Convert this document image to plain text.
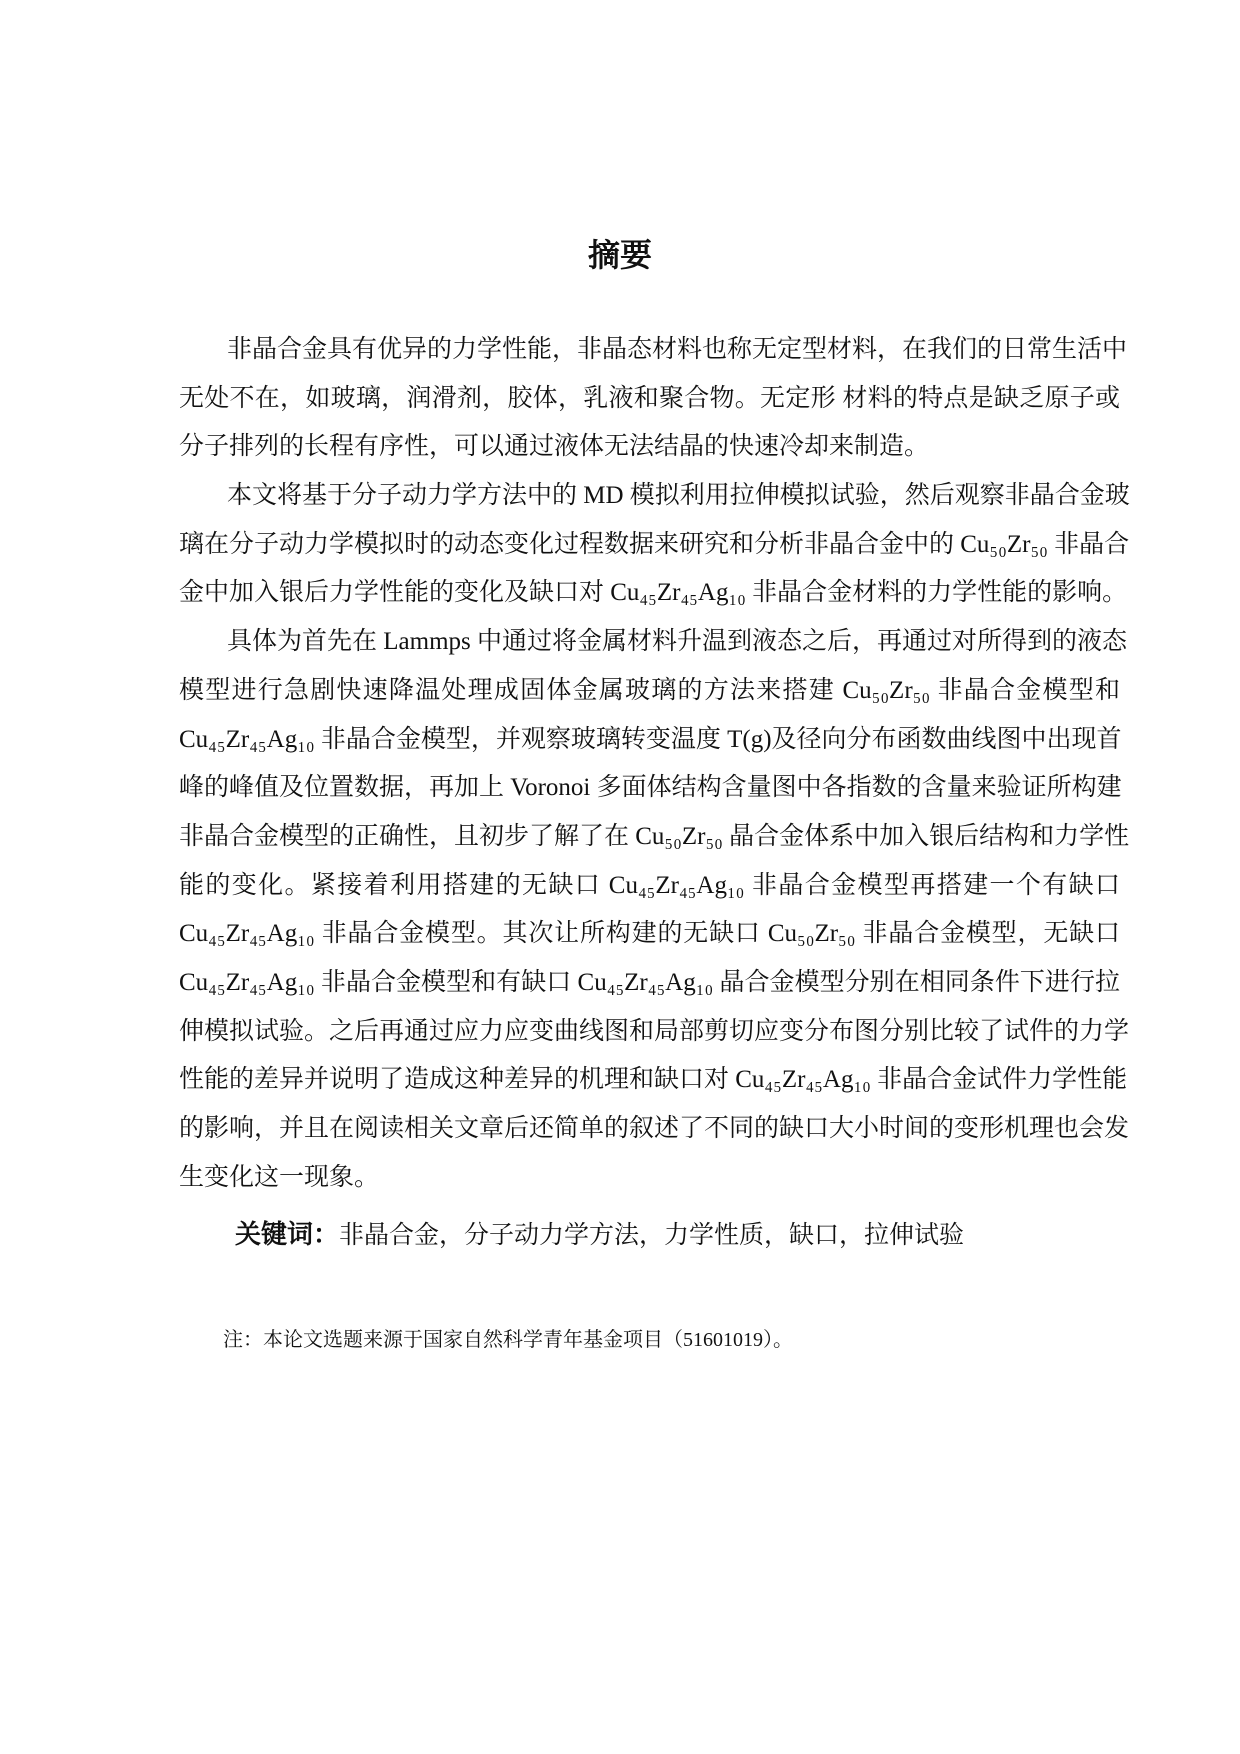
摘要
非晶合金具有优异的力学性能，非晶态材料也称无定型材料，在我们的日常生活中
无处不在，如玻璃，润滑剂，胶体，乳液和聚合物。无定形 材料的特点是缺乏原子或
分子排列的长程有序性，可以通过液体无法结晶的快速冷却来制造。
本文将基于分子动力学方法中的 MD 模拟利用拉伸模拟试验，然后观察非晶合金玻
璃在分子动力学模拟时的动态变化过程数据来研究和分析非晶合金中的 Cu₅₀Zr₅₀ 非晶合
金中加入银后力学性能的变化及缺口对 Cu₄₅Zr₄₅Ag₁₀ 非晶合金材料的力学性能的影响。
具体为首先在 Lammps 中通过将金属材料升温到液态之后，再通过对所得到的液态
模型进行急剧快速降温处理成固体金属玻璃的方法来搭建 Cu₅₀Zr₅₀ 非晶合金模型和
Cu₄₅Zr₄₅Ag₁₀ 非晶合金模型，并观察玻璃转变温度 T(g)及径向分布函数曲线图中出现首
峰的峰值及位置数据，再加上 Voronoi 多面体结构含量图中各指数的含量来验证所构建
非晶合金模型的正确性，且初步了解了在 Cu₅₀Zr₅₀ 晶合金体系中加入银后结构和力学性
能的变化。紧接着利用搭建的无缺口 Cu₄₅Zr₄₅Ag₁₀ 非晶合金模型再搭建一个有缺口
Cu₄₅Zr₄₅Ag₁₀ 非晶合金模型。其次让所构建的无缺口 Cu₅₀Zr₅₀ 非晶合金模型，无缺口
Cu₄₅Zr₄₅Ag₁₀ 非晶合金模型和有缺口 Cu₄₅Zr₄₅Ag₁₀ 晶合金模型分别在相同条件下进行拉
伸模拟试验。之后再通过应力应变曲线图和局部剪切应变分布图分别比较了试件的力学
性能的差异并说明了造成这种差异的机理和缺口对 Cu₄₅Zr₄₅Ag₁₀ 非晶合金试件力学性能
的影响，并且在阅读相关文章后还简单的叙述了不同的缺口大小时间的变形机理也会发
生变化这一现象。
关键词：非晶合金，分子动力学方法，力学性质，缺口，拉伸试验
注：本论文选题来源于国家自然科学青年基金项目（51601019）。
